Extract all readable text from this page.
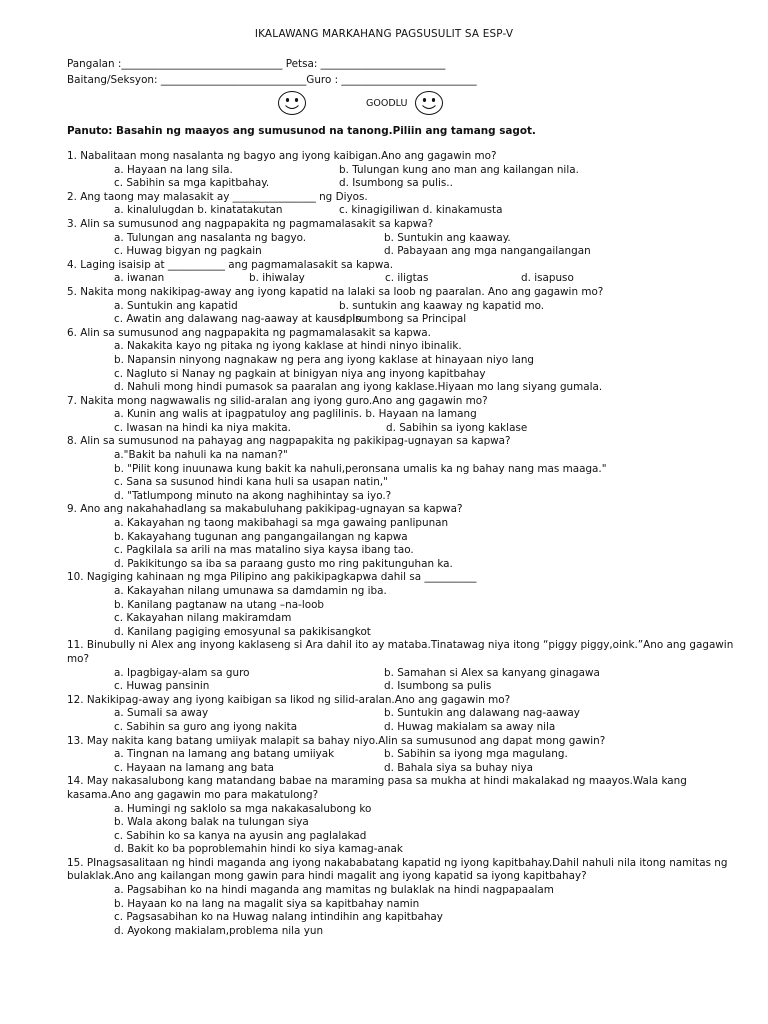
IKALAWANG MARKAHANG PAGSUSULIT SA ESP-V
Pangalan :_______________________________ Petsa: ________________________
Baitang/Seksyon: ____________________________Guro : __________________________
GOODLU
Panuto: Basahin ng maayos ang sumusunod na tanong.Piliin ang tamang sagot.
1. Nabalitaan mong nasalanta ng bagyo ang iyong kaibigan.Ano ang gagawin mo?
a. Hayaan na lang sila.	b. Tulungan kung ano man ang kailangan nila.
c. Sabihin sa mga kapitbahay.	d. Isumbong sa pulis..
2. Ang taong may malasakit ay ________________ ng Diyos.
a. kinalulugdan b. kinatatakutan	c. kinagigiliwan d. kinakamusta
3. Alin sa sumusunod ang nagpapakita ng pagmamalasakit sa kapwa?
a. Tulungan ang nasalanta ng bagyo.	b. Suntukin ang kaaway.
c. Huwag bigyan ng pagkain	d. Pabayaan ang mga nangangailangan
4. Laging isaisip at ___________ ang pagmamalasakit sa kapwa.
a. iwanan	b. ihiwalay	c. iligtas	d. isapuso
5. Nakita mong nakikipag-away ang iyong kapatid na lalaki sa loob ng paaralan. Ano ang gagawin mo?
a. Suntukin ang kapatid	b. suntukin ang kaaway ng kapatid mo.
c. Awatin ang dalawang nag-aaway at kausapin
d. Isumbong sa Principal
6. Alin sa sumusunod ang nagpapakita ng pagmamalasakit sa kapwa.
a. Nakakita kayo ng pitaka ng iyong kaklase at hindi ninyo ibinalik.
b. Napansin ninyong nagnakaw ng pera ang iyong kaklase at hinayaan niyo lang
c. Nagluto si Nanay ng pagkain at binigyan niya ang inyong kapitbahay
d. Nahuli mong hindi pumasok sa paaralan ang iyong kaklase.Hiyaan mo lang siyang gumala.
7. Nakita mong nagwawalis ng silid-aralan ang iyong guro.Ano ang gagawin mo?
a. Kunin ang walis at ipagpatuloy ang paglilinis. b. Hayaan na lamang
c. Iwasan na hindi ka niya makita.	d. Sabihin sa iyong kaklase
8. Alin sa sumusunod na pahayag ang nagpapakita ng pakikipag-ugnayan sa kapwa?
a."Bakit ba nahuli ka na naman?"
b. "Pilit kong inuunawa kung bakit ka nahuli,peronsana umalis ka ng bahay nang mas maaga."
c. Sana sa susunod hindi kana huli sa usapan natin,"
d. "Tatlumpong minuto na akong naghihintay sa iyo.?
9. Ano ang nakahahadlang sa makabuluhang pakikipag-ugnayan sa kapwa?
a. Kakayahan ng taong makibahagi sa mga gawaing panlipunan
b. Kakayahang tugunan ang pangangailangan ng kapwa
c. Pagkilala sa arili na mas matalino siya kaysa ibang tao.
d. Pakikitungo sa iba sa paraang gusto mo ring pakitunguhan ka.
10. Nagiging kahinaan ng mga Pilipino ang pakikipagkapwa dahil sa __________
a. Kakayahan nilang umunawa sa damdamin ng iba.
b. Kanilang pagtanaw na utang –na-loob
c. Kakayahan nilang makiramdam
d. Kanilang pagiging emosyunal sa pakikisangkot
11. Binubully ni Alex ang inyong kaklaseng si Ara dahil ito ay mataba.Tinatawag niya itong “piggy piggy,oink.”Ano ang gagawin mo?
a. Ipagbigay-alam sa guro	b. Samahan si Alex sa kanyang ginagawa
c. Huwag pansinin	d. Isumbong sa pulis
12. Nakikipag-away ang iyong kaibigan sa likod ng silid-aralan.Ano ang gagawin mo?
a. Sumali sa away	b. Suntukin ang dalawang nag-aaway
c. Sabihin sa guro ang iyong nakita	d. Huwag makialam sa away nila
13. May nakita kang batang umiiyak malapit sa bahay niyo.Alin sa sumusunod ang dapat mong gawin?
a. Tingnan na lamang ang batang umiiyak	b. Sabihin sa iyong mga magulang.
c. Hayaan na lamang ang bata	d. Bahala siya sa buhay niya
14. May nakasalubong kang matandang babae na maraming pasa sa mukha at hindi makalakad ng maayos.Wala kang kasama.Ano ang gagawin mo para makatulong?
a. Humingi ng saklolo sa mga nakakasalubong ko
b. Wala akong balak na tulungan siya
c. Sabihin ko sa kanya na ayusin ang paglalakad
d. Bakit ko ba poproblemahin hindi ko siya kamag-anak
15. PInagsasalitaan ng hindi maganda ang iyong nakababatang kapatid ng iyong kapitbahay.Dahil nahuli nila itong namitas ng bulaklak.Ano ang kailangan mong gawin para hindi magalit ang iyong kapatid sa iyong kapitbahay?
a. Pagsabihan ko na hindi maganda ang mamitas ng bulaklak na hindi nagpapaalam
b. Hayaan ko na lang na magalit siya sa kapitbahay namin
c. Pagsasabihan ko na Huwag nalang intindihin ang kapitbahay
d. Ayokong makialam,problema nila yun
